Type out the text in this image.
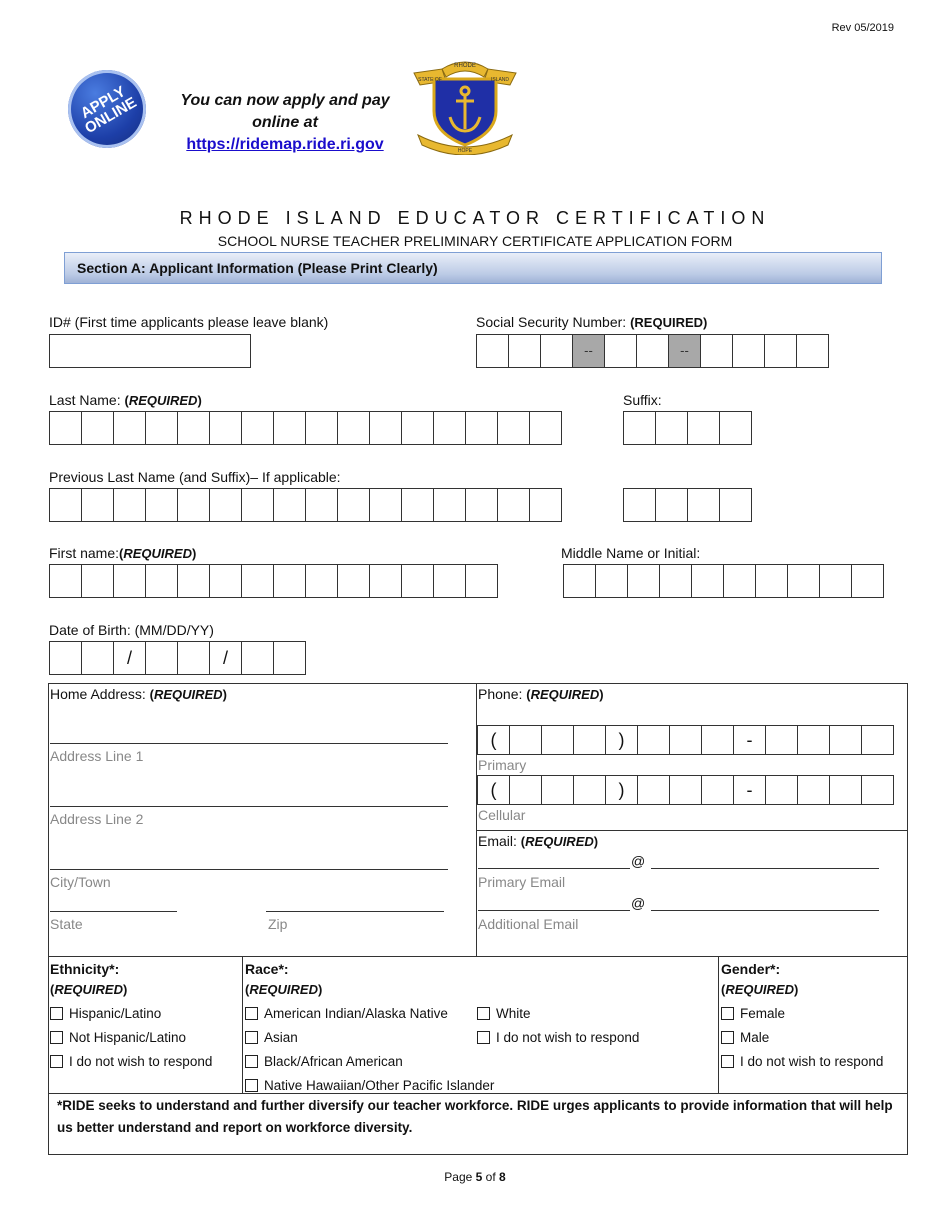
Rev 05/2019
APPLY ONLINE	You can now apply and pay
online at
https://ridemap.ride.ri.gov
RHODE
STATE OF	ISLAND
HOPE
RHODE ISLAND EDUCATOR CERTIFICATION
SCHOOL NURSE TEACHER PRELIMINARY CERTIFICATE APPLICATION FORM
Section A: Applicant Information (Please Print Clearly)
ID# (First time applicants please leave blank)	Social Security Number: (REQUIRED)
--	--
Last Name: (REQUIRED)	Suffix:
Previous Last Name (and Suffix)– If applicable:
First name:(REQUIRED)	Middle Name or Initial:
Date of Birth: (MM/DD/YY)
/	/
Home Address: (REQUIRED)
Address Line 1
Address Line 2
City/Town
State	Zip
Phone: (REQUIRED)
(	)	-
Primary
(	)	-
Cellular
Email: (REQUIRED)
@
Primary Email
@
Additional Email
Ethnicity*:
(REQUIRED)
Hispanic/Latino
Not Hispanic/Latino
I do not wish to respond
Race*:
(REQUIRED)
American Indian/Alaska Native
Asian
Black/African American
Native Hawaiian/Other Pacific Islander
White
I do not wish to respond
Gender*:
(REQUIRED)
Female
Male
I do not wish to respond
*RIDE seeks to understand and further diversify our teacher workforce. RIDE urges applicants to provide information that will help us better understand and report on workforce diversity.
Page 5 of 8
